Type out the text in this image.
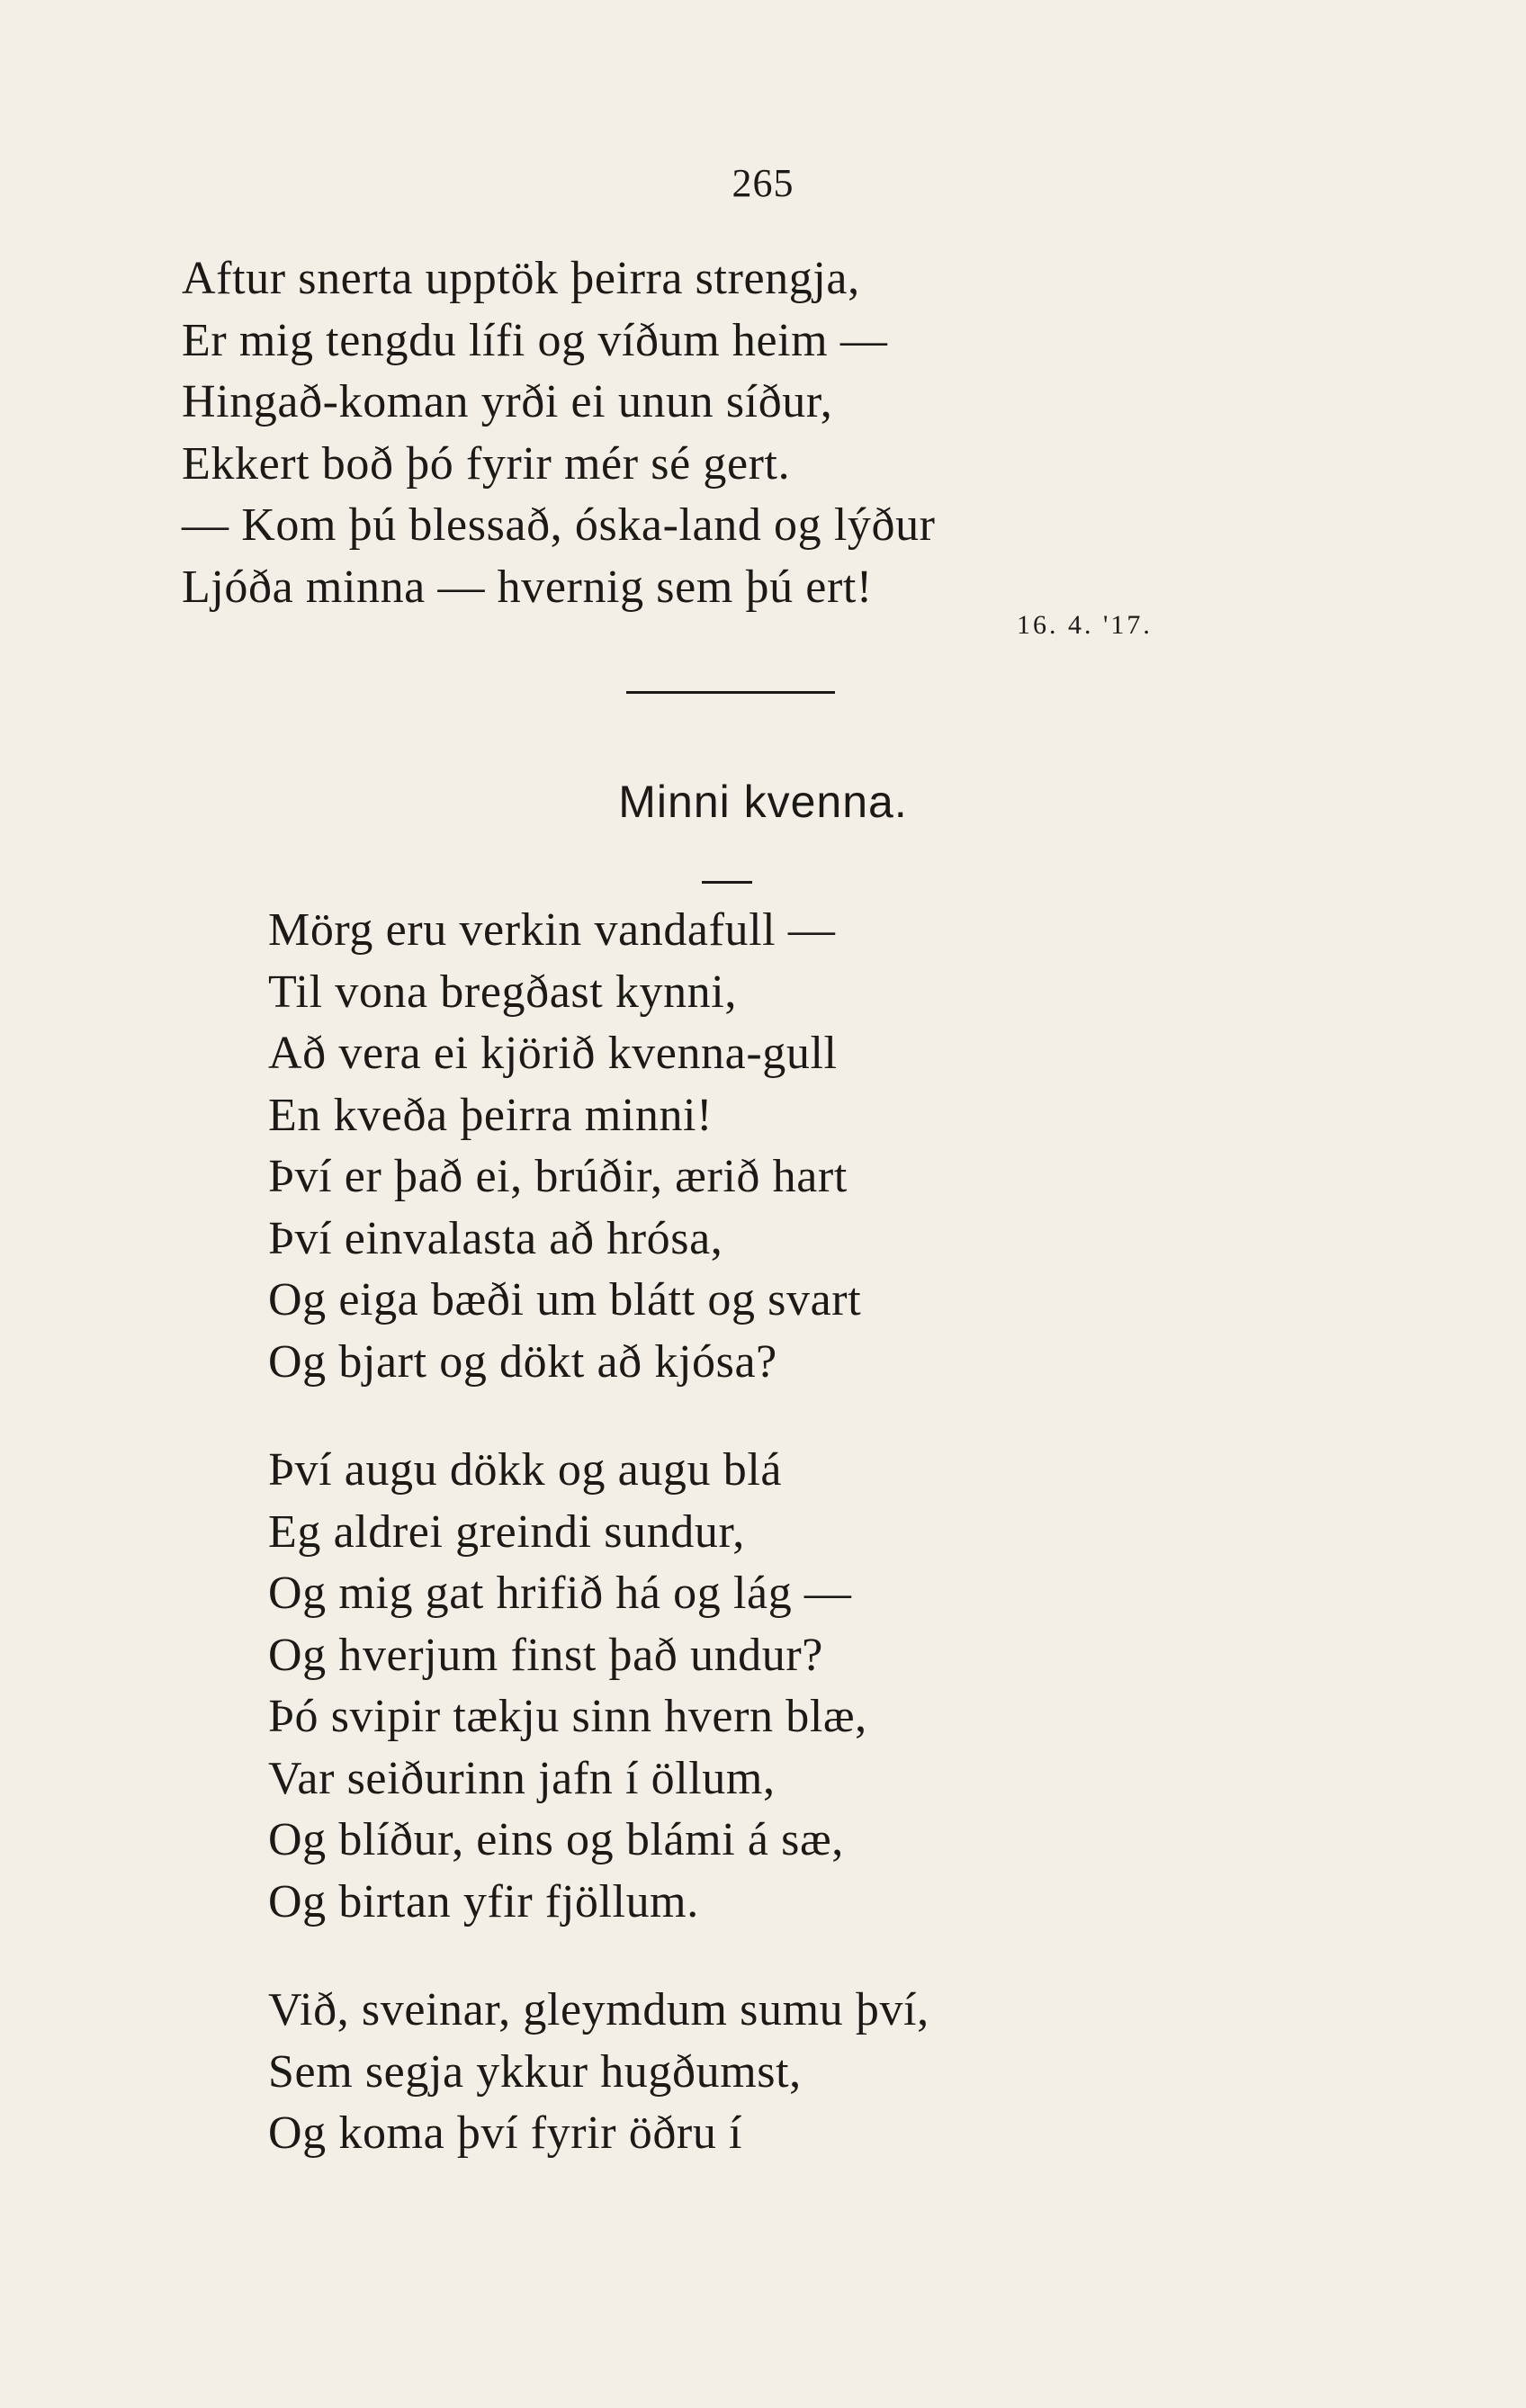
265
Aftur snerta upptök þeirra strengja,
Er mig tengdu lífi og víðum heim —
Hingað-koman yrði ei unun síður,
Ekkert boð þó fyrir mér sé gert.
— Kom þú blessað, óska-land og lýður
Ljóða minna — hvernig sem þú ert!
16. 4. '17.
Minni kvenna.
Mörg eru verkin vandafull —
Til vona bregðast kynni,
Að vera ei kjörið kvenna-gull
En kveða þeirra minni!
Því er það ei, brúðir, ærið hart
Því einvalasta að hrósa,
Og eiga bæði um blátt og svart
Og bjart og dökt að kjósa?
Því augu dökk og augu blá
Eg aldrei greindi sundur,
Og mig gat hrifið há og lág —
Og hverjum finst það undur?
Þó svipir tækju sinn hvern blæ,
Var seiðurinn jafn í öllum,
Og blíður, eins og blámi á sæ,
Og birtan yfir fjöllum.
Við, sveinar, gleymdum sumu því,
Sem segja ykkur hugðumst,
Og koma því fyrir öðru í
